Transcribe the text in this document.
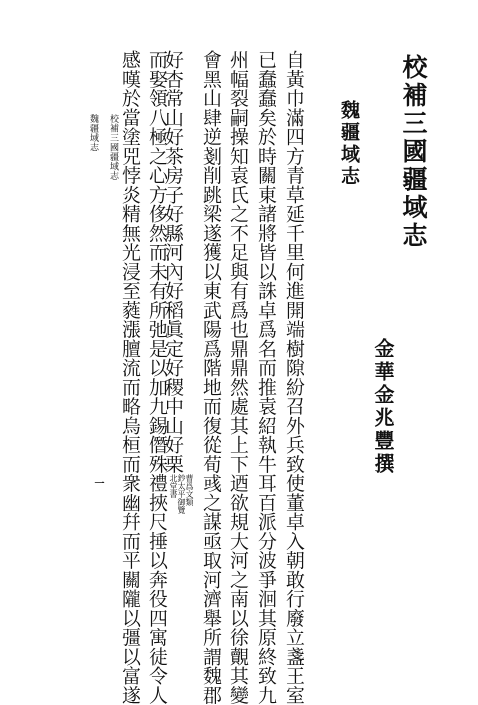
校補三國疆域志
魏疆域志
金華金兆豐撰
自黃巾滿四方青草延千里何進開端樹隙紛召外兵致使董卓入朝敢行廢立盞王室
已蠢蠢矣於時關東諸將皆以誅卓爲名而推袁紹執牛耳百派分波爭洄其原終致九
州幅裂嗣操知袁氏之不足與有爲也鼎鼎然處其上下迺欲規大河之南以徐覿其變
會黑山肆逆剗削跳梁遂獲以東武陽爲階地而復從荀彧之謀亟取河濟舉所謂魏郡
好杏常山好茶房子好縣河內好稻眞定好稷中山好栗
曹爲文類
鈔太平御覽
北堂書
而娶領八極之心方侈然而未有所弛是以加九錫僭殊禮挾尺捶以奔役四寓徒令人
感嘆於當塗兕悖炎精無光浸至蕤漲膻流而略烏桓而衆幽幷而平關隴以彊以富遂
校補三國疆域志
魏疆域志
一
